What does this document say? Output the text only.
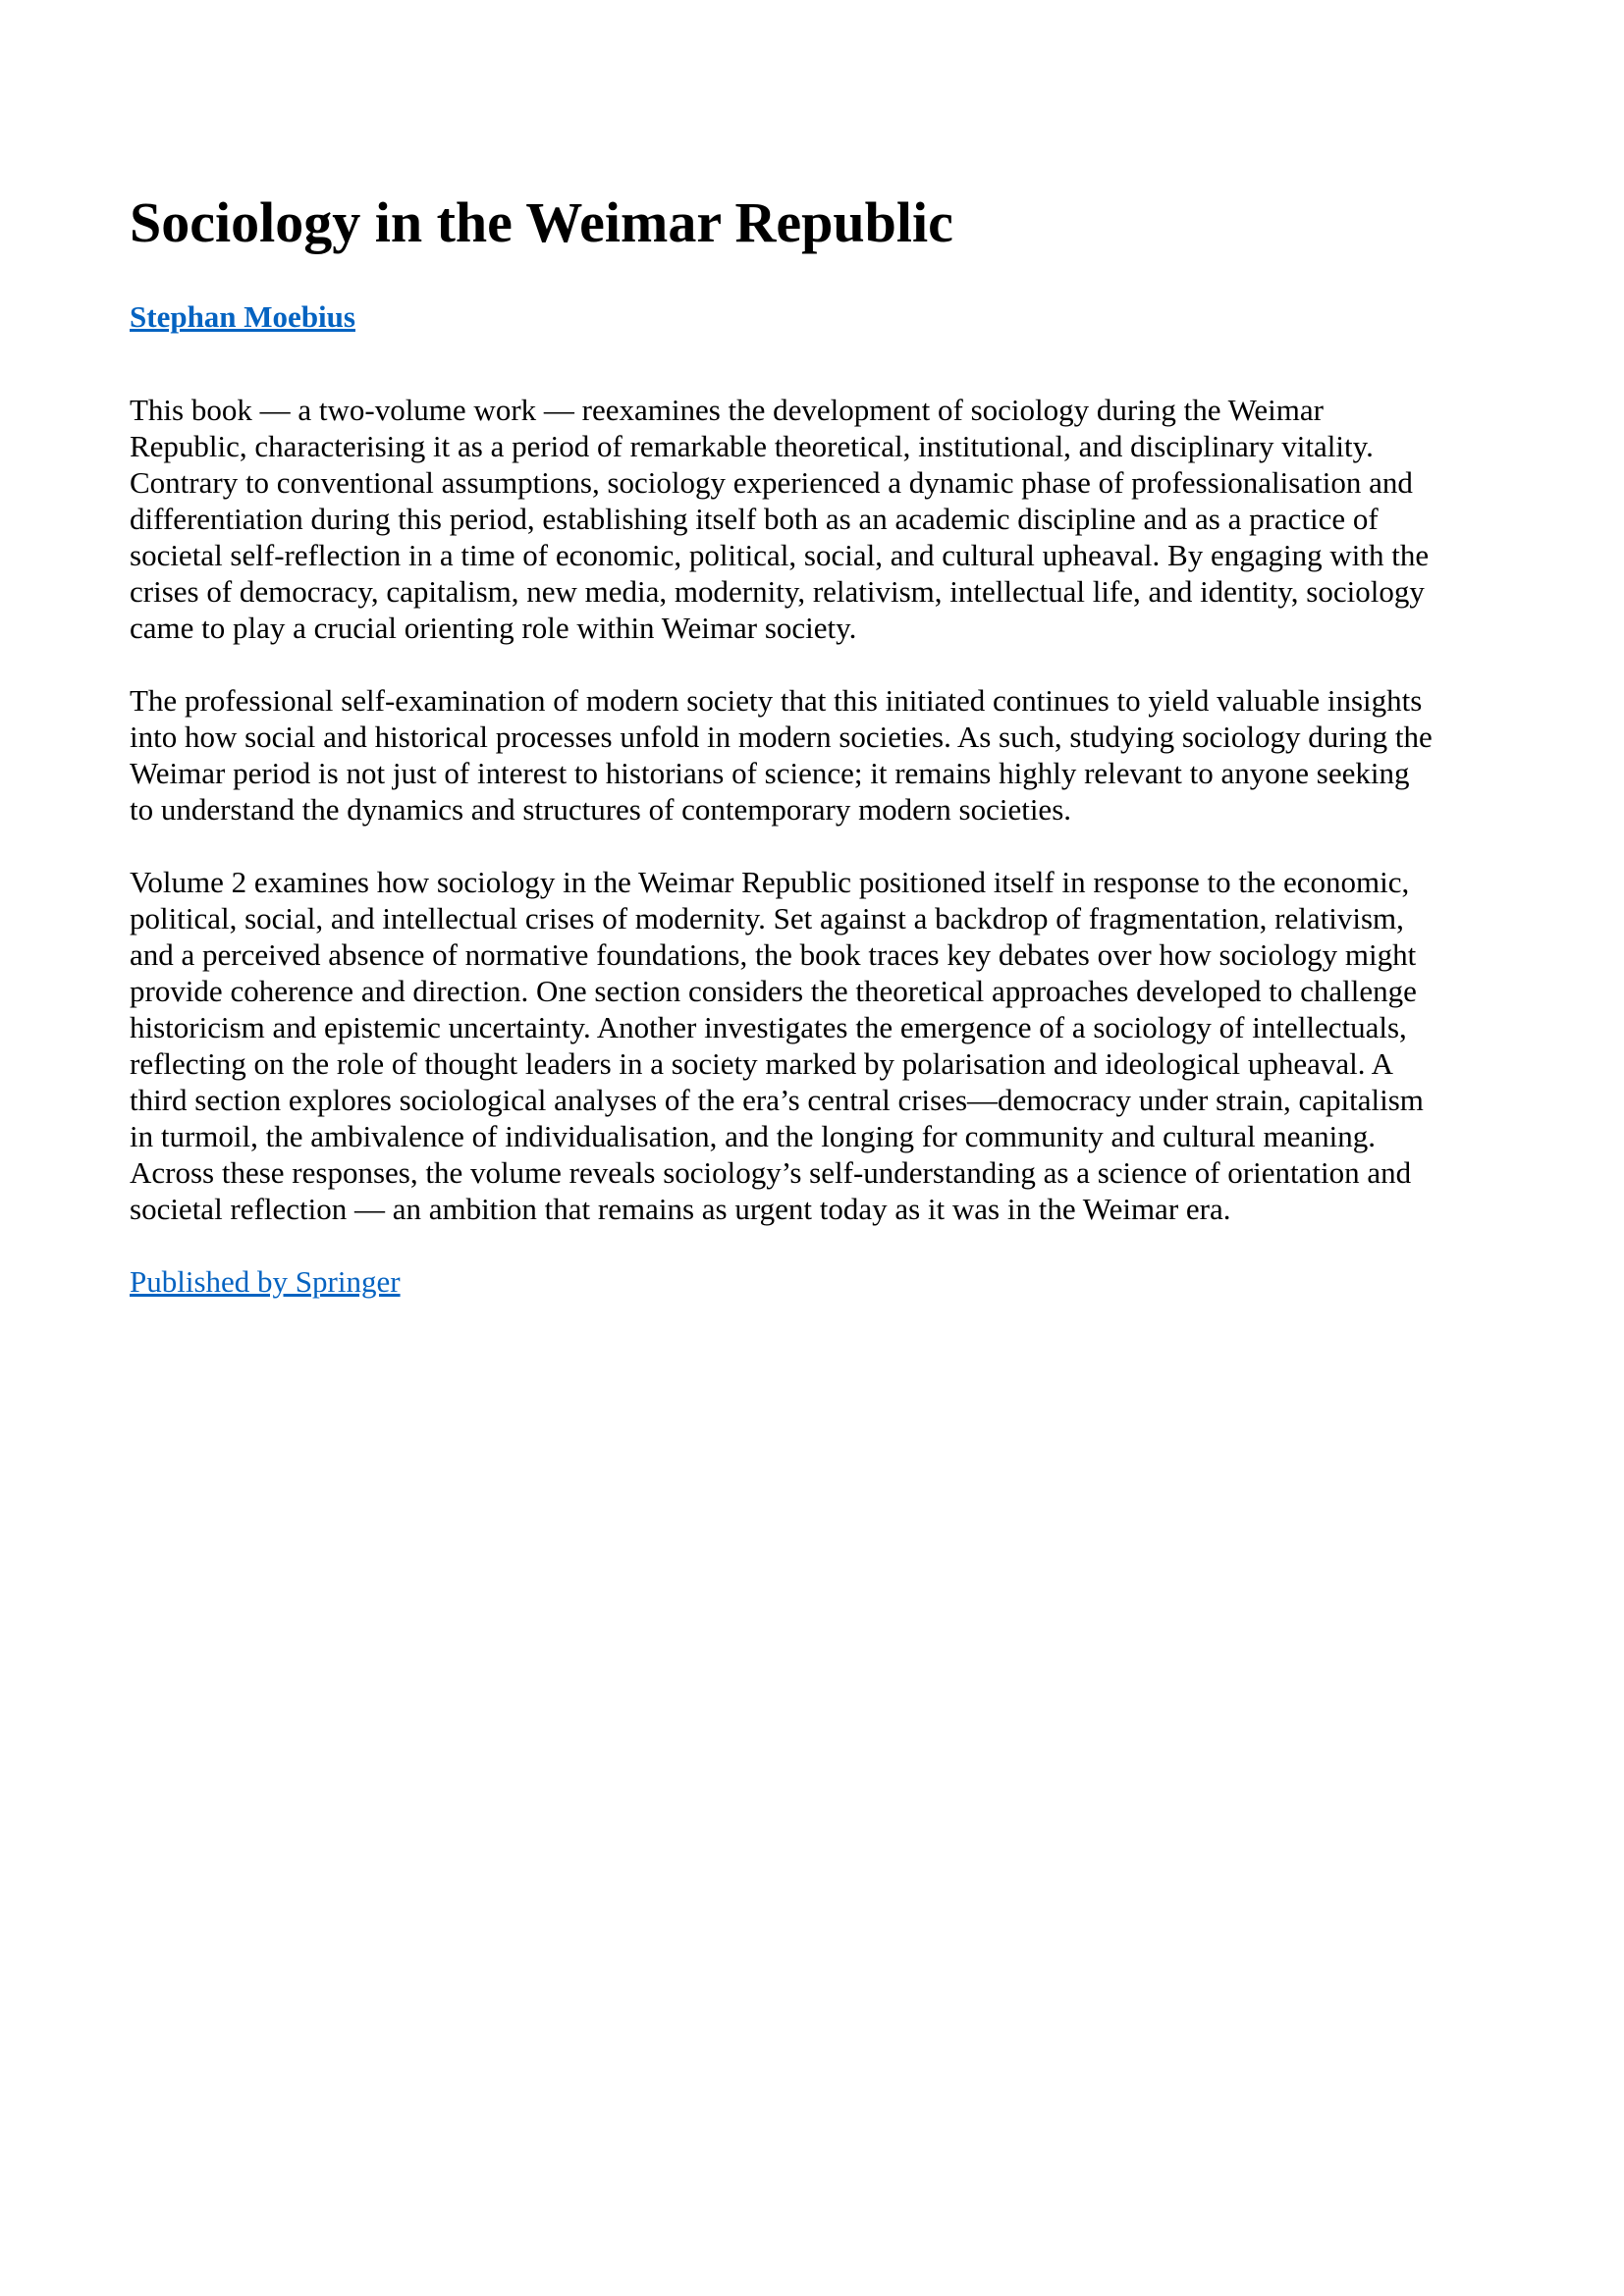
Sociology in the Weimar Republic

Stephan Moebius

This book — a two-volume work — reexamines the development of sociology during the Weimar Republic, characterising it as a period of remarkable theoretical, institutional, and disciplinary vitality. Contrary to conventional assumptions, sociology experienced a dynamic phase of professionalisation and differentiation during this period, establishing itself both as an academic discipline and as a practice of societal self-reflection in a time of economic, political, social, and cultural upheaval. By engaging with the crises of democracy, capitalism, new media, modernity, relativism, intellectual life, and identity, sociology came to play a crucial orienting role within Weimar society.

The professional self-examination of modern society that this initiated continues to yield valuable insights into how social and historical processes unfold in modern societies. As such, studying sociology during the Weimar period is not just of interest to historians of science; it remains highly relevant to anyone seeking to understand the dynamics and structures of contemporary modern societies.

Volume 2 examines how sociology in the Weimar Republic positioned itself in response to the economic, political, social, and intellectual crises of modernity. Set against a backdrop of fragmentation, relativism, and a perceived absence of normative foundations, the book traces key debates over how sociology might provide coherence and direction. One section considers the theoretical approaches developed to challenge historicism and epistemic uncertainty. Another investigates the emergence of a sociology of intellectuals, reflecting on the role of thought leaders in a society marked by polarisation and ideological upheaval. A third section explores sociological analyses of the era’s central crises—democracy under strain, capitalism in turmoil, the ambivalence of individualisation, and the longing for community and cultural meaning. Across these responses, the volume reveals sociology’s self-understanding as a science of orientation and societal reflection — an ambition that remains as urgent today as it was in the Weimar era.

Published by Springer
